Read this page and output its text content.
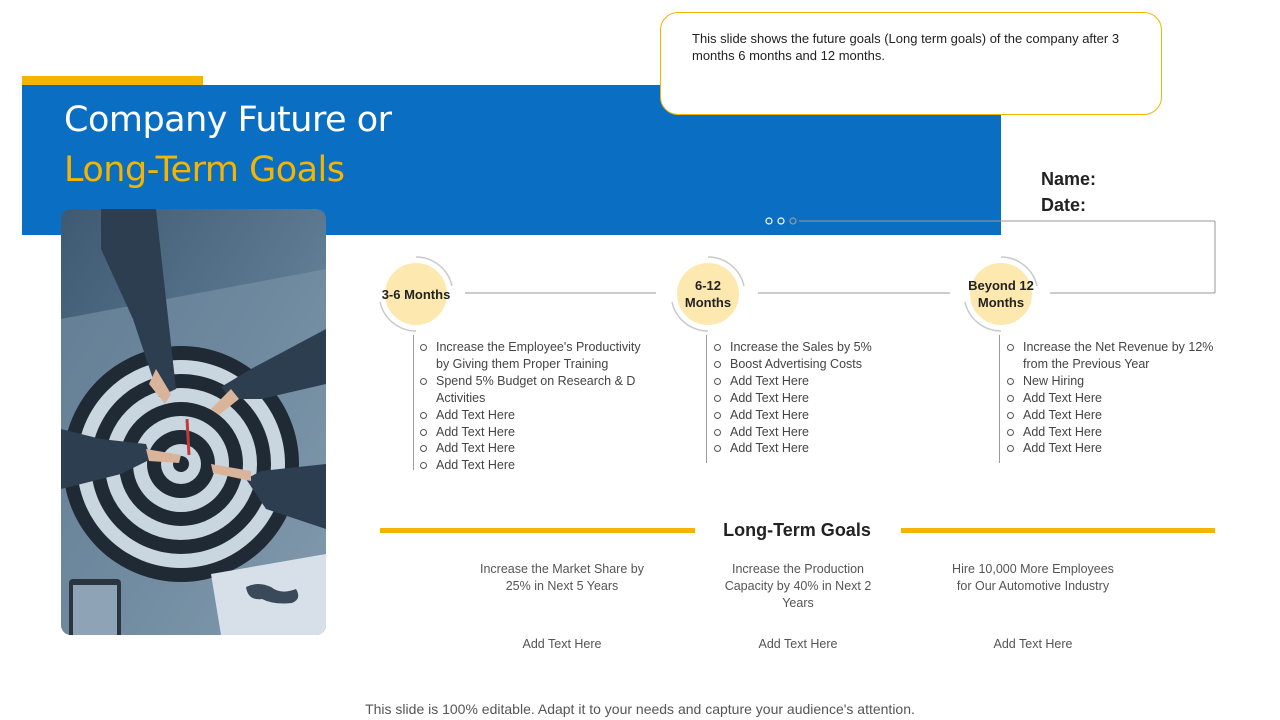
Company Future or
Long-Term Goals
This slide shows the future goals (Long term goals) of the company after 3 months 6 months and 12 months.
Name:
Date:
3-6 Months
Increase the Employee's Productivity by Giving them Proper Training
Spend 5% Budget on Research & D Activities
Add Text Here
Add Text Here
Add Text Here
Add Text Here
6-12 Months
Increase the Sales by 5%
Boost Advertising Costs
Add Text Here
Add Text Here
Add Text Here
Add Text Here
Add Text Here
Beyond 12 Months
Increase the Net Revenue by 12% from the Previous Year
New Hiring
Add Text Here
Add Text Here
Add Text Here
Add Text Here
Long-Term Goals
Increase the Market Share by 25% in Next 5 Years
Increase the Production Capacity by 40% in Next 2 Years
Hire 10,000 More Employees for Our Automotive Industry
Add Text Here	Add Text Here	Add Text Here
This slide is 100% editable. Adapt it to your needs and capture your audience's attention.
